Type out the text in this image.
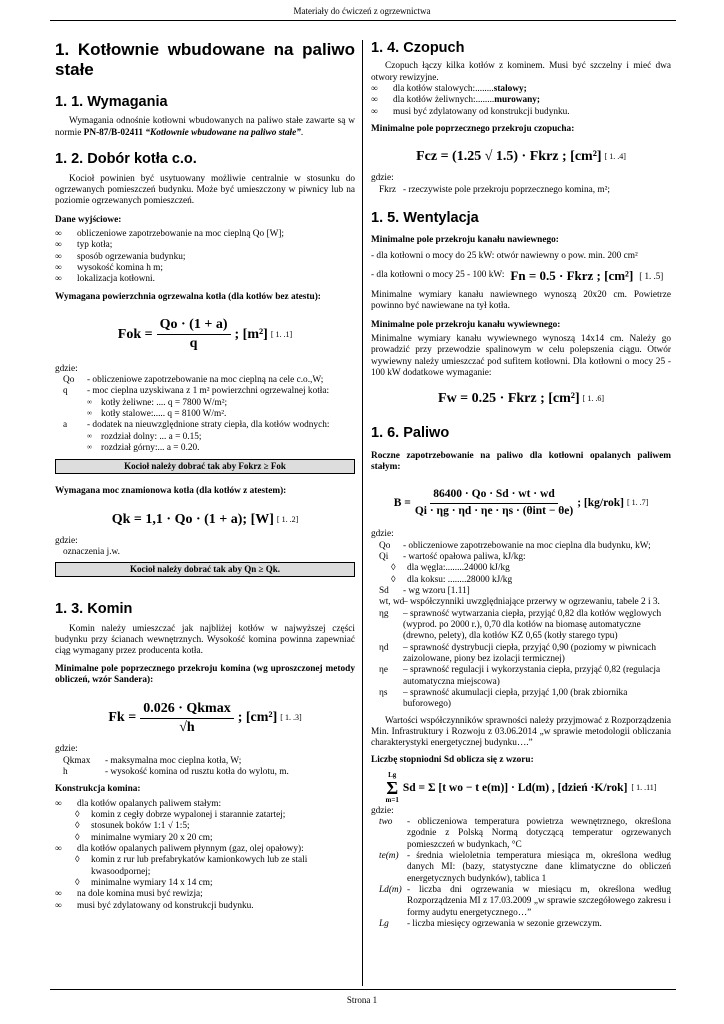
Materiały do ćwiczeń z ogrzewnictwa
1. Kotłownie wbudowane na paliwo stałe
1. 1. Wymagania

Wymagania odnośnie kotłowni wbudowanych na paliwo stałe zawarte są w normie PN-87/B-02411 “Kotłownie wbudowane na paliwo stałe”.

1. 2. Dobór kotła c.o.

Kocioł powinien być usytuowany możliwie centralnie w stosunku do ogrzewanych pomieszczeń budynku. Może być umieszczony w piwnicy lub na poziomie ogrzewanych pomieszczeń.

Dane wyjściowe:
∞ obliczeniowe zapotrzebowanie na moc cieplną Qo [W];
∞ typ kotła;
∞ sposób ogrzewania budynku;
∞ wysokość komina h m;
∞ lokalizacja kotłowni.
Wymagana powierzchnia ogrzewalna kotła (dla kotłów bez atestu):
Fok = $\frac{Qo \cdot (1 + a)}{q}$ ; [m²] [ 1. .1]
gdzie:
Qo	- obliczeniowe zapotrzebowanie na moc cieplną na cele c.o.,W;
q	- moc cieplna uzyskiwana z 1 m² powierzchni ogrzewalnej kotła:
∞ kotły żeliwne: .... q = 7800 W/m²;
∞ kotły stalowe:..... q = 8100 W/m².
a	- dodatek na nieuwzględnione straty ciepła, dla kotłów wodnych:
∞ rozdział dolny: ... a = 0.15;
∞ rozdział górny:... a = 0.20.
Kocioł należy dobrać tak aby Fokrz ≥ Fok
Wymagana moc znamionowa kotła (dla kotłów z atestem):
Qk = 1,1 · Qo · (1 + a); [W] [ 1. .2]
gdzie:
oznaczenia j.w.
Kocioł należy dobrać tak aby Qn ≥ Qk.
1. 3. Komin

Komin należy umieszczać jak najbliżej kotłów w najwyższej części budynku przy ścianach wewnętrznych. Wysokość komina powinna zapewniać ciąg wymagany przez producenta kotła.

Minimalne pole poprzecznego przekroju komina (wg uproszczonej metody obliczeń, wzór Sandera):
$Fk = \frac{0.026 \cdot Qkmax}{√h}$ ; [cm²] [ 1. .3]
gdzie:
Qkmax	- maksymalna moc cieplna kotła, W;
h	- wysokość komina od rusztu kotła do wylotu, m.
Konstrukcja komina:
∞ dla kotłów opalanych paliwem stałym:
◊ komin z cegły dobrze wypalonej i starannie zatartej;
◊ stosunek boków 1:1 √ 1:5;
◊ minimalne wymiary 20 x 20 cm;
∞ dla kotłów opalanych paliwem płynnym (gaz, olej opałowy):
◊ komin z rur lub prefabrykatów kamionkowych lub ze stali kwasoodpornej;
◊ minimalne wymiary 14 x 14 cm;
∞ na dole komina musi być rewizja;
∞ musi być zdylatowany od konstrukcji budynku.
1. 4. Czopuch

Czopuch łączy kilka kotłów z kominem. Musi być szczelny i mieć dwa otwory rewizyjne.

∞ dla kotłów stalowych:........stalowy;
∞ dla kotłów żeliwnych:........murowany;
∞ musi być zdylatowany od konstrukcji budynku.
Minimalne pole poprzecznego przekroju czopucha:
Fcz = (1.25 √ 1.5) · Fkrz ; [cm²] [ 1. .4]
gdzie:
Fkrz - rzeczywiste pole przekroju poprzecznego komina, m²;
1. 5. Wentylacja
Minimalne pole przekroju kanału nawiewnego:
- dla kotłowni o mocy do 25 kW: otwór nawiewny o pow. min. 200 cm²
- dla kotłowni o mocy 25 - 100 kW: Fn = 0.5 · Fkrz ; [cm²] [ 1. .5]

Minimalne wymiary kanału nawiewnego wynoszą 20x20 cm. Powietrze powinno być nawiewane na tył kotła.

Minimalne pole przekroju kanału wywiewnego:

Minimalne wymiary kanału wywiewnego wynoszą 14x14 cm. Należy go prowadzić przy przewodzie spalinowym w celu polepszenia ciągu. Otwór wywiewny należy umieszczać pod sufitem kotłowni. Dla kotłowni o mocy 25 - 100 kW dodatkowe wymaganie:

Fw = 0.25 · Fkrz ; [cm²] [ 1. .6]
1. 6. Paliwo
Roczne zapotrzebowanie na paliwo dla kotłowni opalanych paliwem stałym:
$B = \frac{86400 \cdot Qo \cdot Sd \cdot wt \cdot wd}{\text{Qi · ηg · ηd · ηe · ηs · (θint − θe)}}$ ; [kg/rok] [ 1. .7]
gdzie:
Qo	- obliczeniowe zapotrzebowanie na moc cieplna dla budynku, kW;
Qi	- wartość opałowa paliwa, kJ/kg:
◊ dla węgla:........24000 kJ/kg
◊ dla koksu: ........28000 kJ/kg
Sd	- wg wzoru [1.11]
wt, wd
– współczynniki uwzględniające przerwy w ogrzewaniu, tabele 2 i 3.
ηg	– sprawność wytwarzania ciepła, przyjąć 0,82 dla kotłów węglowych (wyprod. po 2000 r.), 0,70 dla kotłów na biomasę automatyczne (drewno, pelety), dla kotłów KZ 0,65 (kotły starego typu)
ηd	– sprawność dystrybucji ciepła, przyjąć 0,90 (poziomy w piwnicach zaizolowane, piony bez izolacji termicznej)
ηe	– sprawność regulacji i wykorzystania ciepła, przyjąć 0,82 (regulacja automatyczna miejscowa)
ηs	– sprawność akumulacji ciepła, przyjąć 1,00 (brak zbiornika buforowego)

Wartości współczynników sprawności należy przyjmować z Rozporządzenia Min. Infrastruktury i Rozwoju z 03.06.2014 „w sprawie metodologii obliczania charakterystyki energetycznej budynku….”

Liczbę stopniodni Sd oblicza się z wzoru:
Lg
Σ
m=1
Sd = Σ [t wo − t e(m)] · Ld(m) , [dzień ·K/rok] [ 1. .11]
gdzie:
two	- obliczeniowa temperatura powietrza wewnętrznego, określona zgodnie z Polską Normą dotyczącą temperatur ogrzewanych pomieszczeń w budynkach, °C
te(m) - średnia wieloletnia temperatura miesiąca m, określona według danych MI: (bazy, statystyczne dane klimatyczne do obliczeń energetycznych budynków), tablica 1
Ld(m) - liczba dni ogrzewania w miesiącu m, określona według Rozporządzenia MI z 17.03.2009 „w sprawie szczegółowego zakresu i formy audytu energetycznego…”
Lg	- liczba miesięcy ogrzewania w sezonie grzewczym.
Strona 1
